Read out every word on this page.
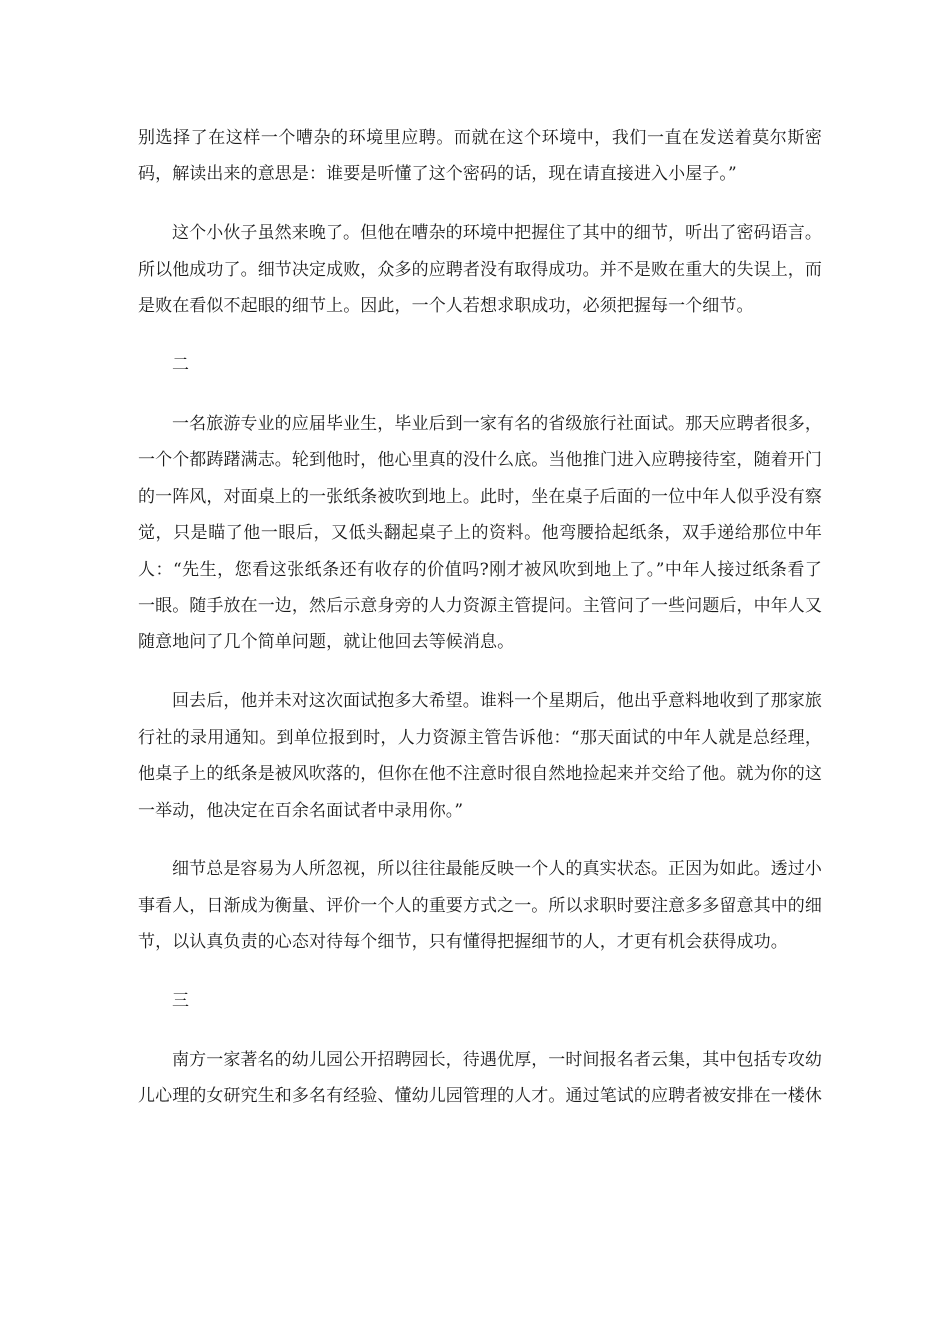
别选择了在这样一个嘈杂的环境里应聘。而就在这个环境中，我们一直在发送着莫尔斯密码，解读出来的意思是：谁要是听懂了这个密码的话，现在请直接进入小屋子。”

这个小伙子虽然来晚了。但他在嘈杂的环境中把握住了其中的细节，听出了密码语言。所以他成功了。细节决定成败，众多的应聘者没有取得成功。并不是败在重大的失误上，而是败在看似不起眼的细节上。因此，一个人若想求职成功，必须把握每一个细节。

二

一名旅游专业的应届毕业生，毕业后到一家有名的省级旅行社面试。那天应聘者很多，一个个都踌躇满志。轮到他时，他心里真的没什么底。当他推门进入应聘接待室，随着开门的一阵风，对面桌上的一张纸条被吹到地上。此时，坐在桌子后面的一位中年人似乎没有察觉，只是瞄了他一眼后，又低头翻起桌子上的资料。他弯腰拾起纸条，双手递给那位中年人：“先生，您看这张纸条还有收存的价值吗?刚才被风吹到地上了。”中年人接过纸条看了一眼。随手放在一边，然后示意身旁的人力资源主管提问。主管问了一些问题后，中年人又随意地问了几个简单问题，就让他回去等候消息。

回去后，他并未对这次面试抱多大希望。谁料一个星期后，他出乎意料地收到了那家旅行社的录用通知。到单位报到时，人力资源主管告诉他：“那天面试的中年人就是总经理，他桌子上的纸条是被风吹落的，但你在他不注意时很自然地捡起来并交给了他。就为你的这一举动，他决定在百余名面试者中录用你。”

细节总是容易为人所忽视，所以往往最能反映一个人的真实状态。正因为如此。透过小事看人，日渐成为衡量、评价一个人的重要方式之一。所以求职时要注意多多留意其中的细节，以认真负责的心态对待每个细节，只有懂得把握细节的人，才更有机会获得成功。

三

南方一家著名的幼儿园公开招聘园长，待遇优厚，一时间报名者云集，其中包括专攻幼儿心理的女研究生和多名有经验、懂幼儿园管理的人才。通过笔试的应聘者被安排在一楼休
